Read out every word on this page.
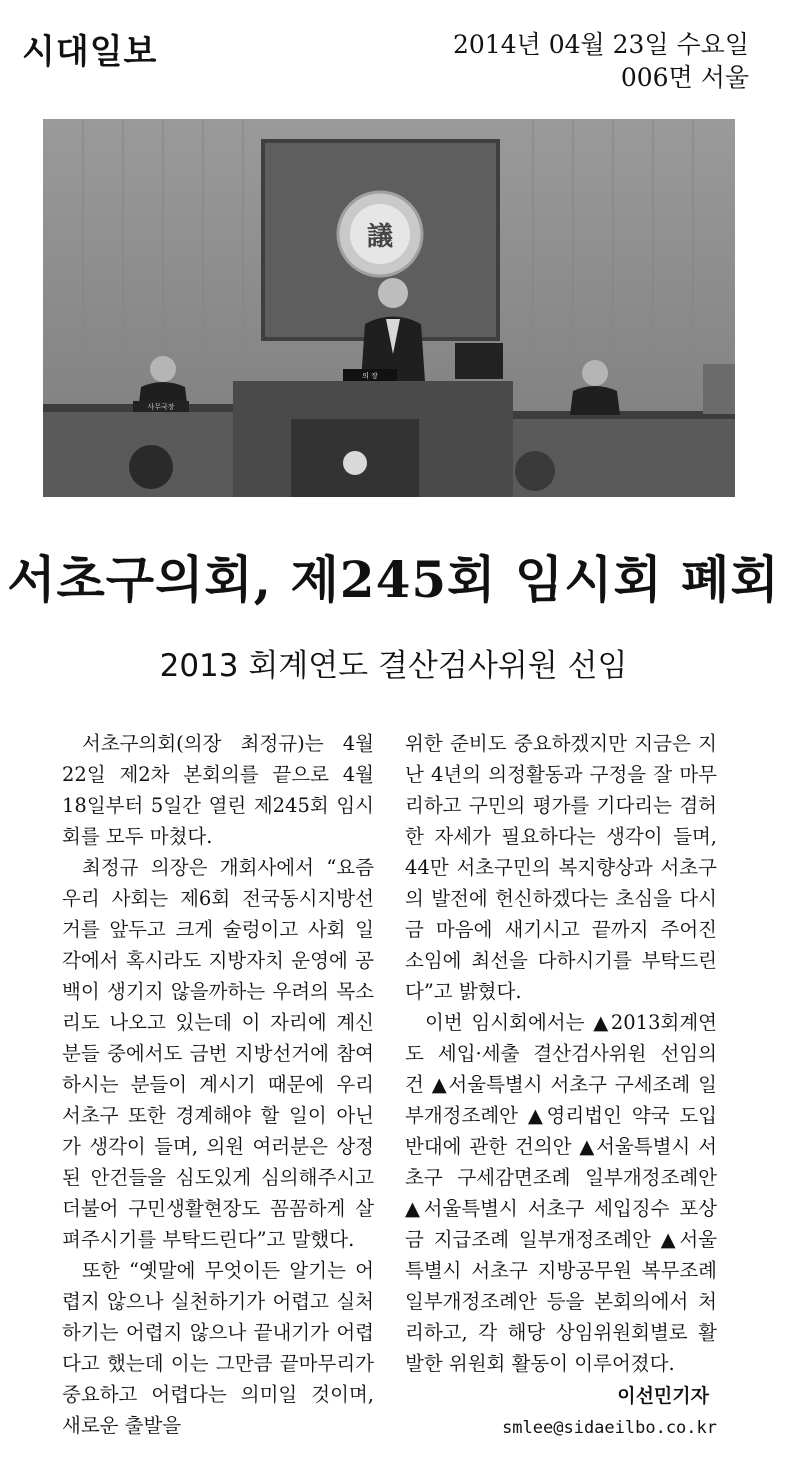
시대일보	2014년 04월 23일 수요일
006면 서울
議
의 장
사무국장
서초구의회, 제245회 임시회 폐회
2013 회계연도 결산검사위원 선임

서초구의회(의장 최정규)는 4월 22일 제2차 본회의를 끝으로 4월 18일부터 5일간 열린 제245회 임시회를 모두 마쳤다.

최정규 의장은 개회사에서 “요즘 우리 사회는 제6회 전국동시지방선거를 앞두고 크게 술렁이고 사회 일각에서 혹시라도 지방자치 운영에 공백이 생기지 않을까하는 우려의 목소리도 나오고 있는데 이 자리에 계신 분들 중에서도 금번 지방선거에 참여하시는 분들이 계시기 때문에 우리 서초구 또한 경계해야 할 일이 아닌가 생각이 들며, 의원 여러분은 상정된 안건들을 심도있게 심의해주시고 더불어 구민생활현장도 꼼꼼하게 살펴주시기를 부탁드린다”고 말했다.

또한 “옛말에 무엇이든 알기는 어렵지 않으나 실천하기가 어렵고 실처하기는 어렵지 않으나 끝내기가 어렵다고 했는데 이는 그만큼 끝마무리가 중요하고 어렵다는 의미일 것이며, 새로운 출발을

위한 준비도 중요하겠지만 지금은 지난 4년의 의정활동과 구정을 잘 마무리하고 구민의 평가를 기다리는 겸허한 자세가 필요하다는 생각이 들며, 44만 서초구민의 복지향상과 서초구의 발전에 헌신하겠다는 초심을 다시금 마음에 새기시고 끝까지 주어진 소임에 최선을 다하시기를 부탁드린다”고 밝혔다.

이번 임시회에서는 ▲2013회계연도 세입·세출 결산검사위원 선임의 건 ▲서울특별시 서초구 구세조례 일부개정조례안 ▲영리법인 약국 도입 반대에 관한 건의안 ▲서울특별시 서초구 구세감면조례 일부개정조례안 ▲서울특별시 서초구 세입징수 포상금 지급조례 일부개정조례안 ▲서울특별시 서초구 지방공무원 복무조례 일부개정조례안 등을 본회의에서 처리하고, 각 해당 상임위원회별로 활발한 위원회 활동이 이루어졌다.

이선민기자smlee@sidaeilbo.co.kr
